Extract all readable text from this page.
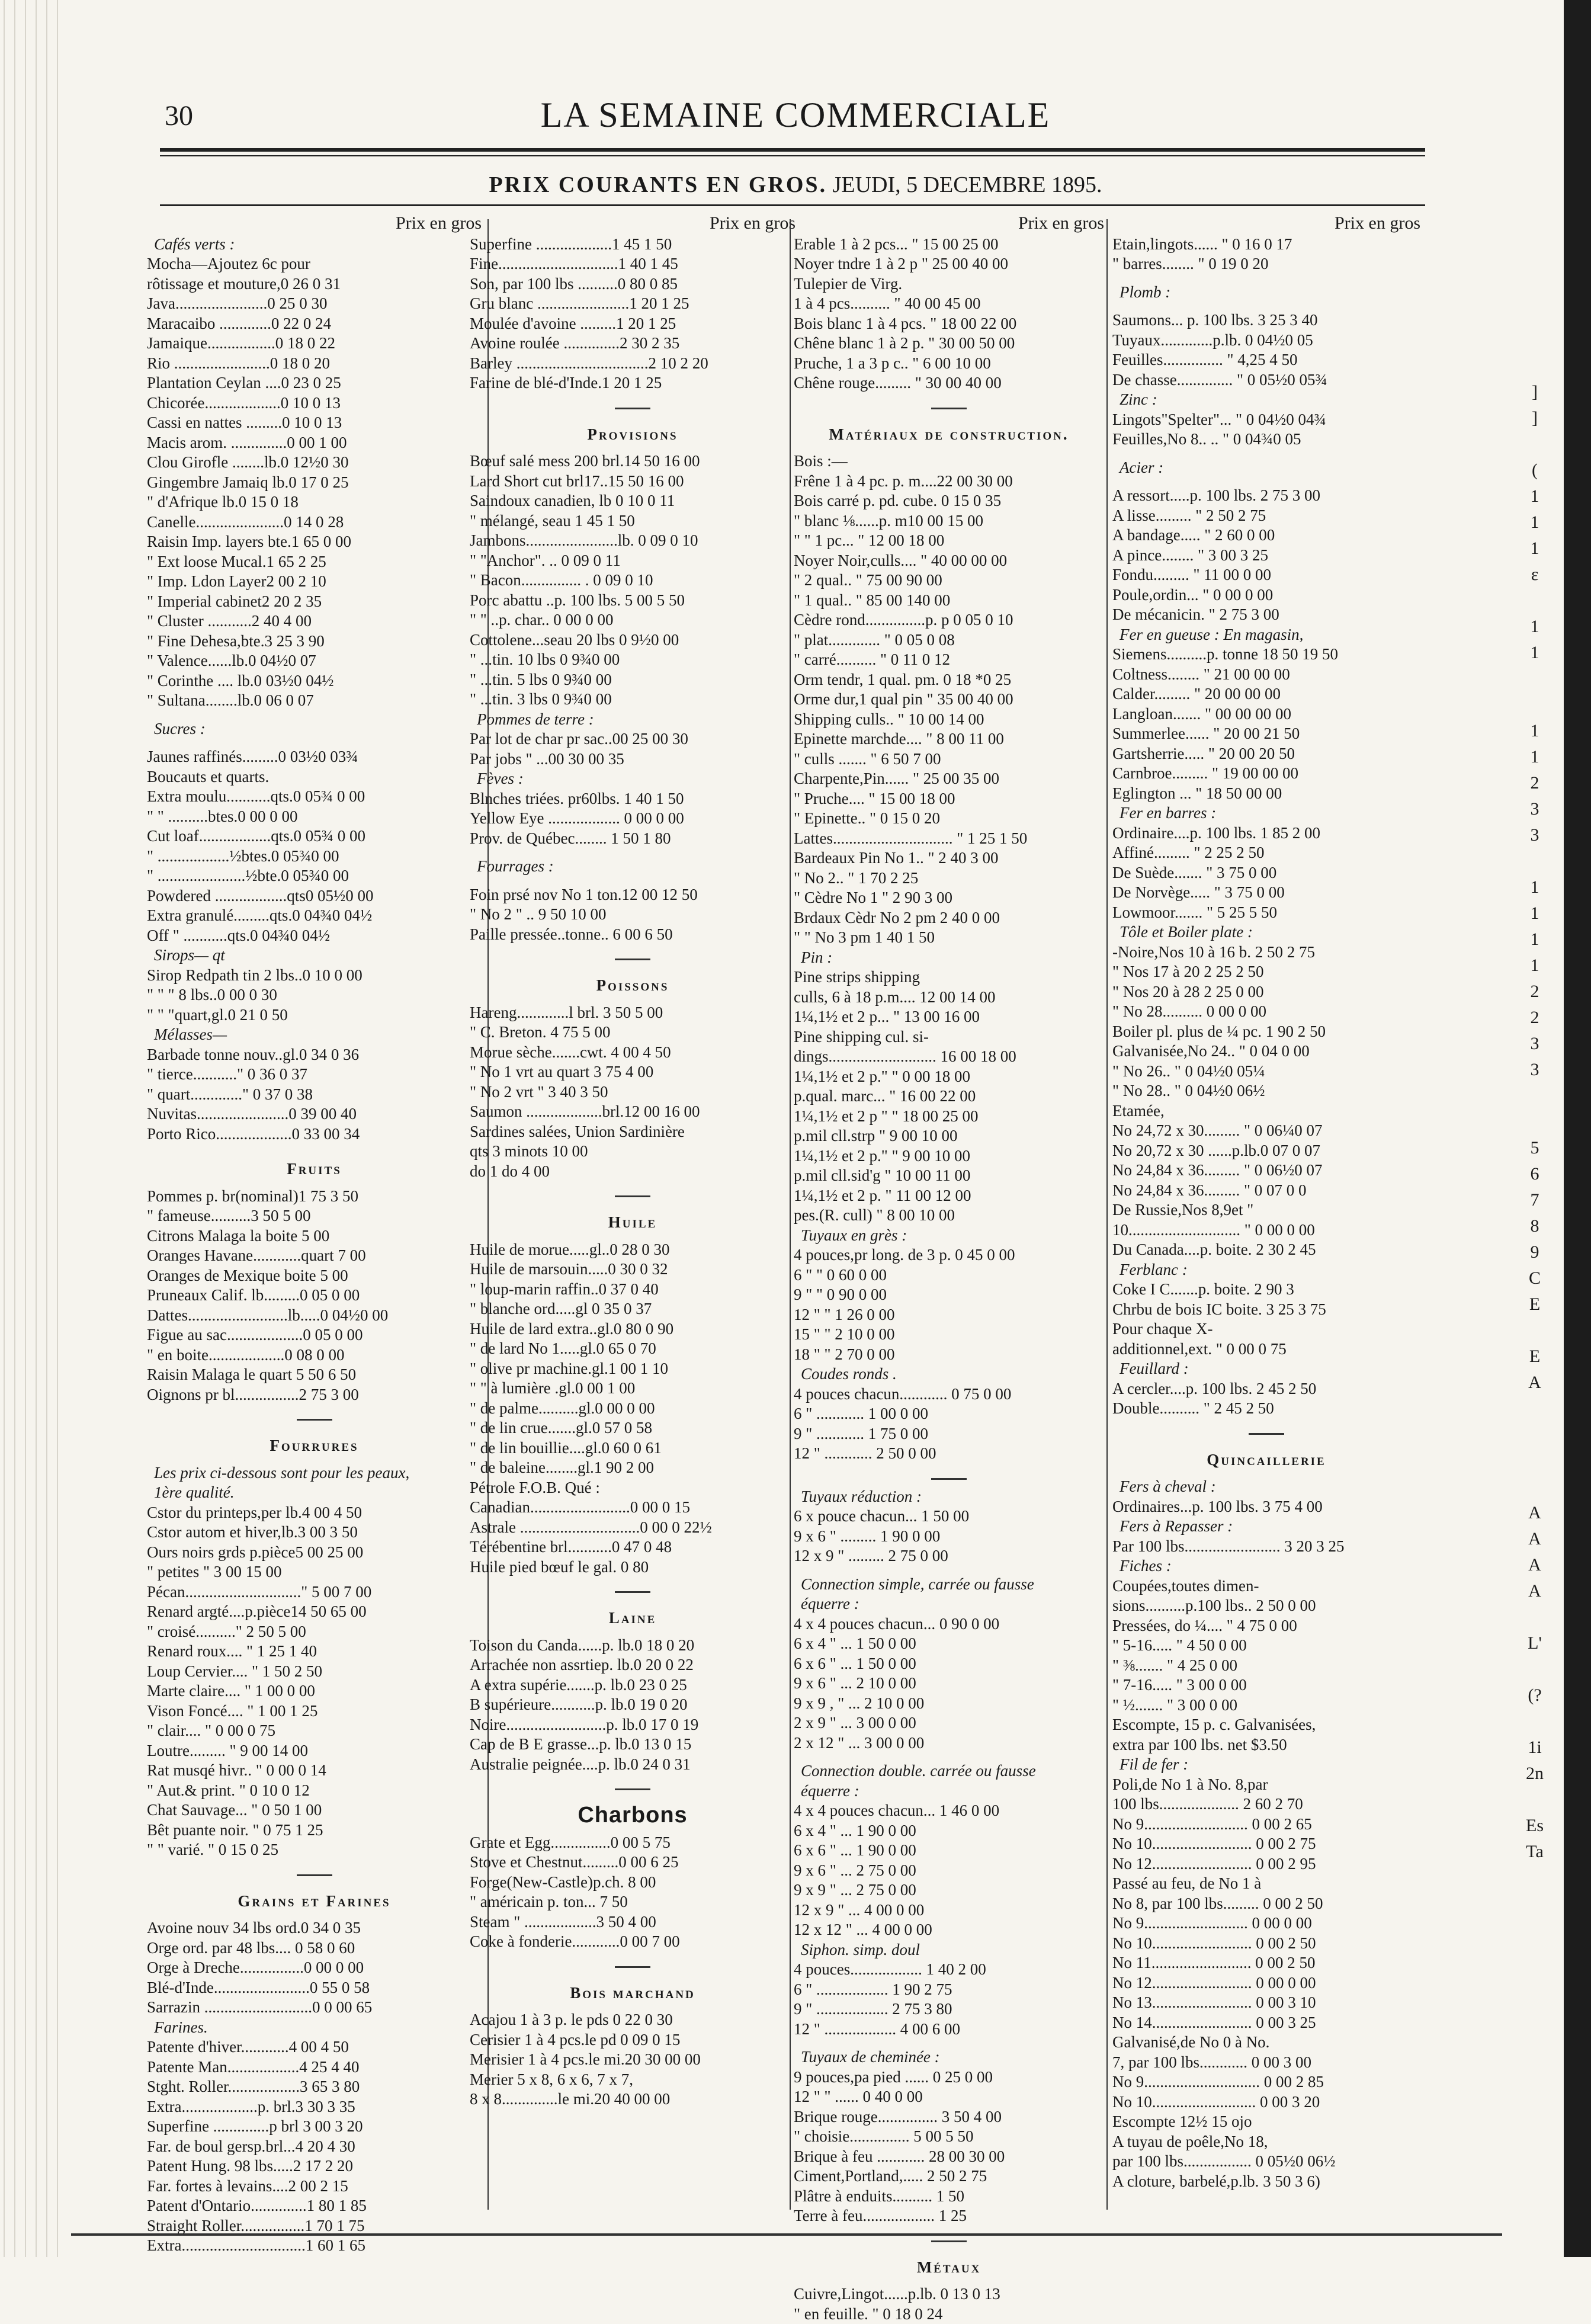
]
]

(
1
1
1
ε

1
1

1
1
2
3
3

1
1
1
1
2
2
3
3

5
6
7
8
9
C
E

E
A

A
A
A
A

L'

(?

1i
2n

Es
Ta
30	LA SEMAINE COMMERCIALE
PRIX COURANTS EN GROS. JEUDI, 5 DECEMBRE 1895.
Prix en gros
Cafés verts :
Mocha—Ajoutez 6c pour
rôtissage et mouture,0 26 0 31
Java.......................0 25 0 30
Maracaibo .............0 22 0 24
Jamaique.................0 18 0 22
Rio ........................0 18 0 20
Plantation Ceylan ....0 23 0 25
Chicorée...................0 10 0 13
Cassi en nattes .........0 10 0 13
Macis arom. ..............0 00 1 00
Clou Girofle ........lb.0 12½0 30
Gingembre Jamaiq lb.0 17 0 25
" d'Afrique lb.0 15 0 18
Canelle......................0 14 0 28
Raisin Imp. layers bte.1 65 0 00
" Ext loose Mucal.1 65 2 25
" Imp. Ldon Layer2 00 2 10
" Imperial cabinet2 20 2 35
" Cluster ...........2 40 4 00
" Fine Dehesa,bte.3 25 3 90
" Valence......lb.0 04½0 07
" Corinthe .... lb.0 03½0 04½
" Sultana........lb.0 06 0 07
Sucres :
Jaunes raffinés.........0 03½0 03¾
Boucauts et quarts.
Extra moulu...........qts.0 05¾ 0 00
" " ..........btes.0 00 0 00
Cut loaf..................qts.0 05¾ 0 00
" ..................½btes.0 05¾0 00
" ......................½bte.0 05¾0 00
Powdered ..................qts0 05½0 00
Extra granulé.........qts.0 04¾0 04½
Off " ...........qts.0 04¾0 04½
Sirops— qt
Sirop Redpath tin 2 lbs..0 10 0 00
" " " 8 lbs..0 00 0 30
" " "quart,gl.0 21 0 50
Mélasses—
Barbade tonne nouv..gl.0 34 0 36
" tierce..........." 0 36 0 37
" quart............." 0 37 0 38
Nuvitas.......................0 39 00 40
Porto Rico...................0 33 00 34
Fruits
Pommes p. br(nominal)1 75 3 50
" fameuse..........3 50 5 00
Citrons Malaga la boite 5 00
Oranges Havane............quart 7 00
Oranges de Mexique boite 5 00
Pruneaux Calif. lb.........0 05 0 00
Dattes.........................lb.....0 04½0 00
Figue au sac...................0 05 0 00
" en boite...................0 08 0 00
Raisin Malaga le quart 5 50 6 50
Oignons pr bl................2 75 3 00
Fourrures
Les prix ci-dessous sont pour les peaux,
1ère qualité.
Cstor du printeps,per lb.4 00 4 50
Cstor autom et hiver,lb.3 00 3 50
Ours noirs grds p.pièce5 00 25 00
" petites " 3 00 15 00
Pécan............................." 5 00 7 00
Renard argté....p.pièce14 50 65 00
" croisé.........." 2 50 5 00
Renard roux.... " 1 25 1 40
Loup Cervier.... " 1 50 2 50
Marte claire.... " 1 00 0 00
Vison Foncé.... " 1 00 1 25
" clair.... " 0 00 0 75
Loutre......... " 9 00 14 00
Rat musqé hivr.. " 0 00 0 14
" Aut.& print. " 0 10 0 12
Chat Sauvage... " 0 50 1 00
Bêt puante noir. " 0 75 1 25
" " varié. " 0 15 0 25
Grains et Farines
Avoine nouv 34 lbs ord.0 34 0 35
Orge ord. par 48 lbs.... 0 58 0 60
Orge à Dreche................0 00 0 00
Blé-d'Inde........................0 55 0 58
Sarrazin ...........................0 0 00 65
Farines.
Patente d'hiver............4 00 4 50
Patente Man..................4 25 4 40
Stght. Roller..................3 65 3 80
Extra...................p. brl.3 30 3 35
Superfine ..............p brl 3 00 3 20
Far. de boul gersp.brl...4 20 4 30
Patent Hung. 98 lbs.....2 17 2 20
Far. fortes à levains....2 00 2 15
Patent d'Ontario..............1 80 1 85
Straight Roller................1 70 1 75
Extra...............................1 60 1 65
Prix en gros
Superfine ...................1 45 1 50
Fine..............................1 40 1 45
Son, par 100 lbs ..........0 80 0 85
Gru blanc .......................1 20 1 25
Moulée d'avoine .........1 20 1 25
Avoine roulée ..............2 30 2 35
Barley .................................2 10 2 20
Farine de blé-d'Inde.1 20 1 25
Provisions
Bœuf salé mess 200 brl.14 50 16 00
Lard Short cut brl17..15 50 16 00
Saindoux canadien, lb 0 10 0 11
" mélangé, seau 1 45 1 50
Jambons.......................lb. 0 09 0 10
" "Anchor". .. 0 09 0 11
" Bacon............... . 0 09 0 10
Porc abattu ..p. 100 lbs. 5 00 5 50
" " ..p. char.. 0 00 0 00
Cottolene...seau 20 lbs 0 9½0 00
" ...tin. 10 lbs 0 9¾0 00
" ...tin. 5 lbs 0 9¾0 00
" ...tin. 3 lbs 0 9¾0 00
Pommes de terre :
Par lot de char pr sac..00 25 00 30
Par jobs " ...00 30 00 35
Fèves :
Blnches triées. pr60lbs. 1 40 1 50
Yellow Eye .................. 0 00 0 00
Prov. de Québec........ 1 50 1 80
Fourrages :
Foin prsé nov No 1 ton.12 00 12 50
" No 2 " .. 9 50 10 00
Paille pressée..tonne.. 6 00 6 50
Poissons
Hareng.............l brl. 3 50 5 00
" C. Breton. 4 75 5 00
Morue sèche.......cwt. 4 00 4 50
" No 1 vrt au quart 3 75 4 00
" No 2 vrt " 3 40 3 50
Saumon ...................brl.12 00 16 00
Sardines salées, Union Sardinière
qts 3 minots 10 00
do 1 do 4 00
Huile
Huile de morue.....gl..0 28 0 30
Huile de marsouin.....0 30 0 32
" loup-marin raffin..0 37 0 40
" blanche ord.....gl 0 35 0 37
Huile de lard extra..gl.0 80 0 90
" de lard No 1.....gl.0 65 0 70
" olive pr machine.gl.1 00 1 10
" " à lumière .gl.0 00 1 00
" de palme..........gl.0 00 0 00
" de lin crue.......gl.0 57 0 58
" de lin bouillie....gl.0 60 0 61
" de baleine........gl.1 90 2 00
Pétrole F.O.B. Qué :
Canadian.........................0 00 0 15
Astrale ..............................0 00 0 22½
Térébentine brl...........0 47 0 48
Huile pied bœuf le gal. 0 80
Laine
Toison du Canda......p. lb.0 18 0 20
Arrachée non assrtiep. lb.0 20 0 22
A extra supérie.......p. lb.0 23 0 25
B supérieure...........p. lb.0 19 0 20
Noire.........................p. lb.0 17 0 19
Cap de B E grasse...p. lb.0 13 0 15
Australie peignée....p. lb.0 24 0 31
Charbons
Grate et Egg...............0 00 5 75
Stove et Chestnut.........0 00 6 25
Forge(New-Castle)p.ch. 8 00
" américain p. ton... 7 50
Steam " ..................3 50 4 00
Coke à fonderie............0 00 7 00
Bois marchand
Acajou 1 à 3 p. le pds 0 22 0 30
Cerisier 1 à 4 pcs.le pd 0 09 0 15
Merisier 1 à 4 pcs.le mi.20 30 00 00
Merier 5 x 8, 6 x 6, 7 x 7,
8 x 8..............le mi.20 40 00 00
Prix en gros
Erable 1 à 2 pcs... " 15 00 25 00
Noyer tndre 1 à 2 p " 25 00 40 00
Tulepier de Virg.
1 à 4 pcs.......... " 40 00 45 00
Bois blanc 1 à 4 pcs. " 18 00 22 00
Chêne blanc 1 à 2 p. " 30 00 50 00
Pruche, 1 a 3 p c.. " 6 00 10 00
Chêne rouge......... " 30 00 40 00
Matériaux de construction.
Bois :—
Frêne 1 à 4 pc. p. m....22 00 30 00
Bois carré p. pd. cube. 0 15 0 35
" blanc ⅛......p. m10 00 15 00
" " 1 pc... " 12 00 18 00
Noyer Noir,culls.... " 40 00 00 00
" 2 qual.. " 75 00 90 00
" 1 qual.. " 85 00 140 00
Cèdre rond...............p. p 0 05 0 10
" plat............. " 0 05 0 08
" carré.......... " 0 11 0 12
Orm tendr, 1 qual. pm. 0 18 *0 25
Orme dur,1 qual pin " 35 00 40 00
Shipping culls.. " 10 00 14 00
Epinette marchde.... " 8 00 11 00
" culls ....... " 6 50 7 00
Charpente,Pin...... " 25 00 35 00
" Pruche.... " 15 00 18 00
" Epinette.. " 0 15 0 20
Lattes.............................. " 1 25 1 50
Bardeaux Pin No 1.. " 2 40 3 00
" No 2.. " 1 70 2 25
" Cèdre No 1 " 2 90 3 00
Brdaux Cèdr No 2 pm 2 40 0 00
" " No 3 pm 1 40 1 50
Pin :
Pine strips shipping
culls, 6 à 18 p.m.... 12 00 14 00
1¼,1½ et 2 p... " 13 00 16 00
Pine shipping cul. si-
dings........................... 16 00 18 00
1¼,1½ et 2 p." " 0 00 18 00
p.qual. marc... " 16 00 22 00
1¼,1½ et 2 p " " 18 00 25 00
p.mil cll.strp " 9 00 10 00
1¼,1½ et 2 p." " 9 00 10 00
p.mil cll.sid'g " 10 00 11 00
1¼,1½ et 2 p. " 11 00 12 00
pes.(R. cull) " 8 00 10 00
Tuyaux en grès :
4 pouces,pr long. de 3 p. 0 45 0 00
6 " " 0 60 0 00
9 " " 0 90 0 00
12 " " 1 26 0 00
15 " " 2 10 0 00
18 " " 2 70 0 00
Coudes ronds .
4 pouces chacun............ 0 75 0 00
6 " ............ 1 00 0 00
9 " ............ 1 75 0 00
12 " ............ 2 50 0 00
Tuyaux réduction :
6 x pouce chacun... 1 50 00
9 x 6 " ......... 1 90 0 00
12 x 9 " ......... 2 75 0 00
Connection simple, carrée ou fausse
équerre :
4 x 4 pouces chacun... 0 90 0 00
6 x 4 " ... 1 50 0 00
6 x 6 " ... 1 50 0 00
9 x 6 " ... 2 10 0 00
9 x 9 , " ... 2 10 0 00
2 x 9 " ... 3 00 0 00
2 x 12 " ... 3 00 0 00
Connection double. carrée ou fausse
équerre :
4 x 4 pouces chacun... 1 46 0 00
6 x 4 " ... 1 90 0 00
6 x 6 " ... 1 90 0 00
9 x 6 " ... 2 75 0 00
9 x 9 " ... 2 75 0 00
12 x 9 " ... 4 00 0 00
12 x 12 " ... 4 00 0 00
Siphon. simp. doul
4 pouces.................. 1 40 2 00
6 " .................. 1 90 2 75
9 " .................. 2 75 3 80
12 " .................. 4 00 6 00
Tuyaux de cheminée :
9 pouces,pa pied ...... 0 25 0 00
12 " " ...... 0 40 0 00
Brique rouge............... 3 50 4 00
" choisie............... 5 00 5 50
Brique à feu ............ 28 00 30 00
Ciment,Portland,..... 2 50 2 75
Plâtre à enduits.......... 1 50
Terre à feu.................. 1 25
Métaux
Cuivre,Lingot......p.lb. 0 13 0 13
" en feuille. " 0 18 0 24
Prix en gros
Etain,lingots...... " 0 16 0 17
" barres........ " 0 19 0 20
Plomb :
Saumons... p. 100 lbs. 3 25 3 40
Tuyaux.............p.lb. 0 04½0 05
Feuilles............... " 4,25 4 50
De chasse.............. " 0 05½0 05¾
Zinc :
Lingots"Spelter"... " 0 04½0 04¾
Feuilles,No 8.. .. " 0 04¾0 05
Acier :
A ressort.....p. 100 lbs. 2 75 3 00
A lisse......... " 2 50 2 75
A bandage..... " 2 60 0 00
A pince........ " 3 00 3 25
Fondu......... " 11 00 0 00
Poule,ordin... " 0 00 0 00
De mécanicin. " 2 75 3 00
Fer en gueuse : En magasin,
Siemens..........p. tonne 18 50 19 50
Coltness........ " 21 00 00 00
Calder......... " 20 00 00 00
Langloan....... " 00 00 00 00
Summerlee...... " 20 00 21 50
Gartsherrie..... " 20 00 20 50
Carnbroe......... " 19 00 00 00
Eglington ... " 18 50 00 00
Fer en barres :
Ordinaire....p. 100 lbs. 1 85 2 00
Affiné......... " 2 25 2 50
De Suède....... " 3 75 0 00
De Norvège..... " 3 75 0 00
Lowmoor....... " 5 25 5 50
Tôle et Boiler plate :
-Noire,Nos 10 à 16 b. 2 50 2 75
" Nos 17 à 20 2 25 2 50
" Nos 20 à 28 2 25 0 00
" No 28.......... 0 00 0 00
Boiler pl. plus de ¼ pc. 1 90 2 50
Galvanisée,No 24.. " 0 04 0 00
" No 26.. " 0 04½0 05¼
" No 28.. " 0 04½0 06½
Etamée,
No 24,72 x 30......... " 0 06¼0 07
No 20,72 x 30 ......p.lb.0 07 0 07
No 24,84 x 36......... " 0 06½0 07
No 24,84 x 36......... " 0 07 0 0
De Russie,Nos 8,9et "
10............................ " 0 00 0 00
Du Canada....p. boite. 2 30 2 45
Ferblanc :
Coke I C.......p. boite. 2 90 3
Chrbu de bois IC boite. 3 25 3 75
Pour chaque X-
additionnel,ext. " 0 00 0 75
Feuillard :
A cercler....p. 100 lbs. 2 45 2 50
Double.......... " 2 45 2 50
Quincaillerie
Fers à cheval :
Ordinaires...p. 100 lbs. 3 75 4 00
Fers à Repasser :
Par 100 lbs........................ 3 20 3 25
Fiches :
Coupées,toutes dimen-
sions..........p.100 lbs.. 2 50 0 00
Pressées, do ¼.... " 4 75 0 00
" 5-16..... " 4 50 0 00
" ⅜....... " 4 25 0 00
" 7-16..... " 3 00 0 00
" ½....... " 3 00 0 00
Escompte, 15 p. c. Galvanisées,
extra par 100 lbs. net $3.50
Fil de fer :
Poli,de No 1 à No. 8,par
100 lbs.................... 2 60 2 70
No 9.......................... 0 00 2 65
No 10......................... 0 00 2 75
No 12......................... 0 00 2 95
Passé au feu, de No 1 à
No 8, par 100 lbs......... 0 00 2 50
No 9.......................... 0 00 0 00
No 10......................... 0 00 2 50
No 11......................... 0 00 2 50
No 12......................... 0 00 0 00
No 13......................... 0 00 3 10
No 14......................... 0 00 3 25
Galvanisé,de No 0 à No.
7, par 100 lbs............ 0 00 3 00
No 9............................. 0 00 2 85
No 10.......................... 0 00 3 20
Escompte 12½ 15 ojo
A tuyau de poêle,No 18,
par 100 lbs................. 0 05½0 06½
A cloture, barbelé,p.lb. 3 50 3 6)
